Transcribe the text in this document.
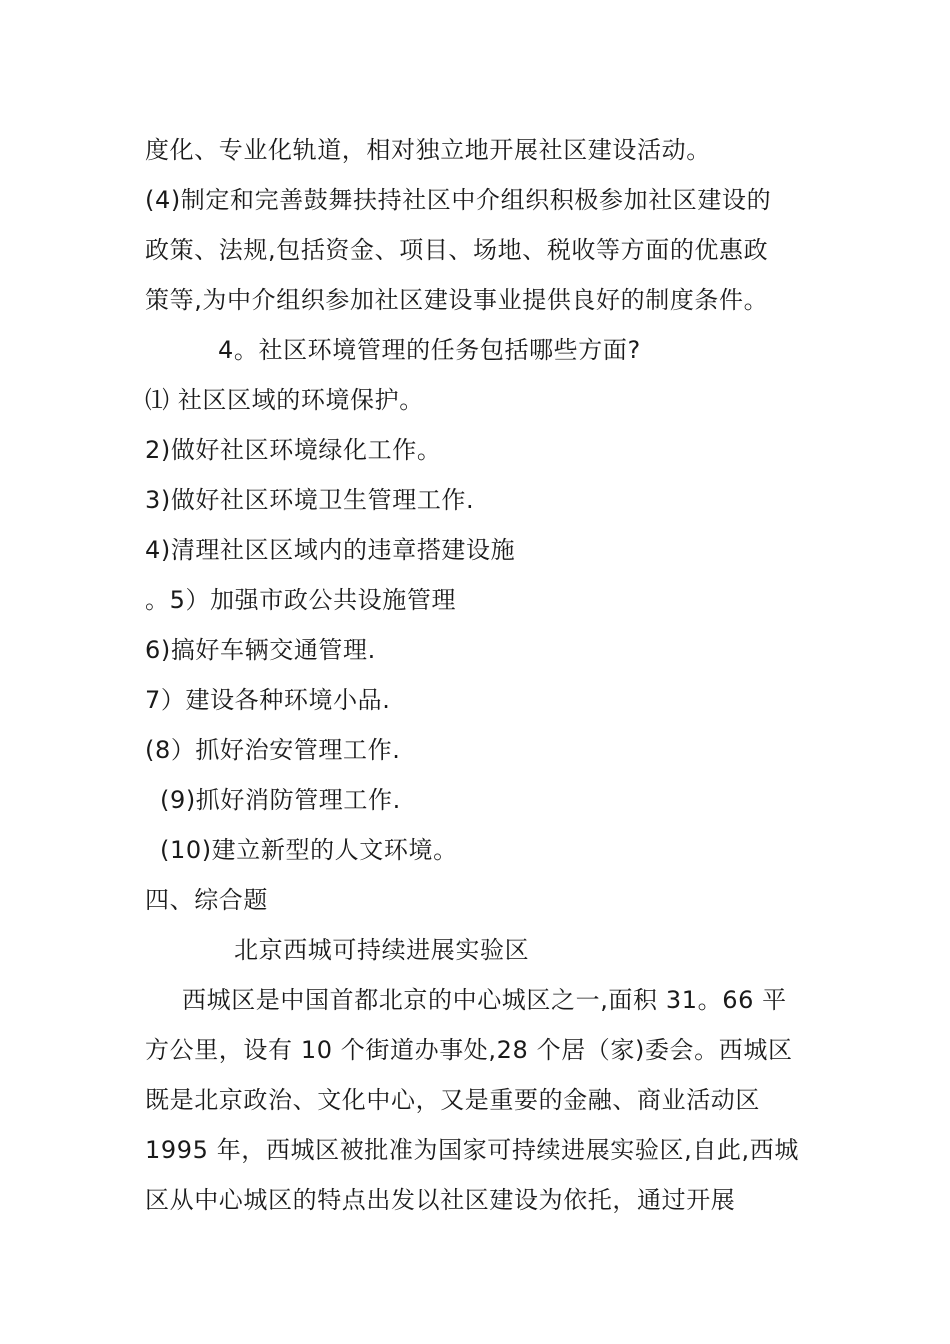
度化、专业化轨道，相对独立地开展社区建设活动。
(4)制定和完善鼓舞扶持社区中介组织积极参加社区建设的
政策、法规,包括资金、项目、场地、税收等方面的优惠政
策等,为中介组织参加社区建设事业提供良好的制度条件。
4。社区环境管理的任务包括哪些方面?
⑴ 社区区域的环境保护。
2)做好社区环境绿化工作。
3)做好社区环境卫生管理工作.
4)清理社区区域内的违章搭建设施
。5）加强市政公共设施管理
6)搞好车辆交通管理.
7）建设各种环境小品.
(8）抓好治安管理工作.
(9)抓好消防管理工作.
(10)建立新型的人文环境。
四、综合题
北京西城可持续进展实验区

西城区是中国首都北京的中心城区之一,面积 31。66 平方公里，设有 10 个街道办事处,28 个居（家)委会。西城区既是北京政治、文化中心，又是重要的金融、商业活动区 1995 年，西城区被批准为国家可持续进展实验区,自此,西城区从中心城区的特点出发以社区建设为依托，通过开展
